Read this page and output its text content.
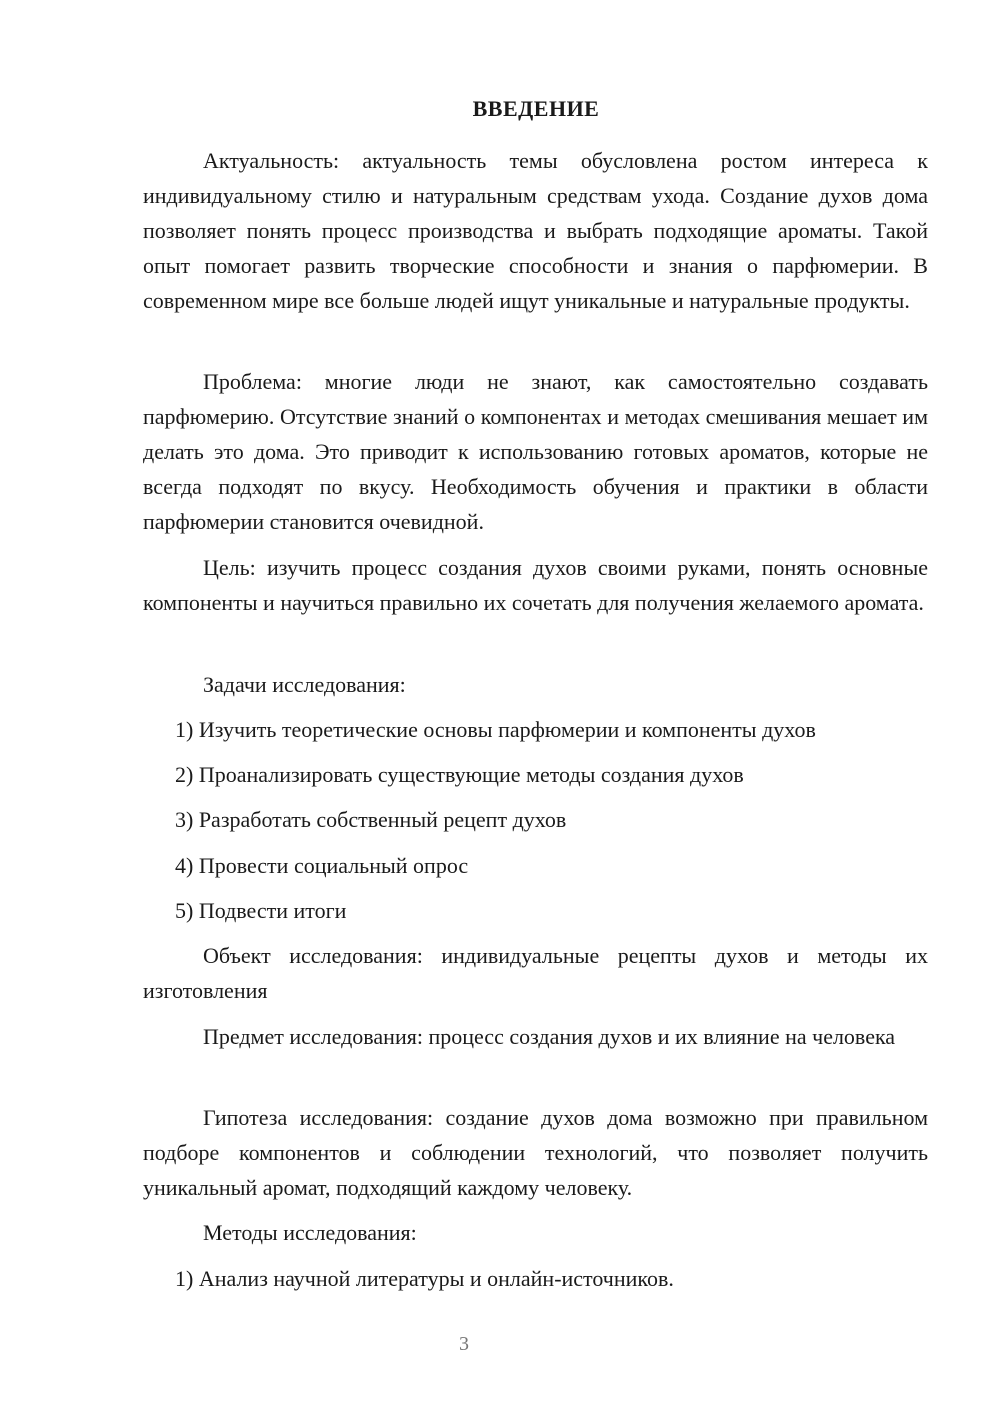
ВВЕДЕНИЕ

Актуальность: актуальность темы обусловлена ростом интереса к индивидуальному стилю и натуральным средствам ухода. Создание духов дома позволяет понять процесс производства и выбрать подходящие ароматы. Такой опыт помогает развить творческие способности и знания о парфюмерии. В современном мире все больше людей ищут уникальные и натуральные продукты.

Проблема: многие люди не знают, как самостоятельно создавать парфюмерию. Отсутствие знаний о компонентах и методах смешивания мешает им делать это дома. Это приводит к использованию готовых ароматов, которые не всегда подходят по вкусу. Необходимость обучения и практики в области парфюмерии становится очевидной.

Цель: изучить процесс создания духов своими руками, понять основные компоненты и научиться правильно их сочетать для получения желаемого аромата.

Задачи исследования:

1) Изучить теоретические основы парфюмерии и компоненты духов

2) Проанализировать существующие методы создания духов

3) Разработать собственный рецепт духов

4) Провести социальный опрос

5) Подвести итоги

Объект исследования: индивидуальные рецепты духов и методы их изготовления

Предмет исследования: процесс создания духов и их влияние на человека

Гипотеза исследования: создание духов дома возможно при правильном подборе компонентов и соблюдении технологий, что позволяет получить уникальный аромат, подходящий каждому человеку.

Методы исследования:

1) Анализ научной литературы и онлайн-источников.

3
